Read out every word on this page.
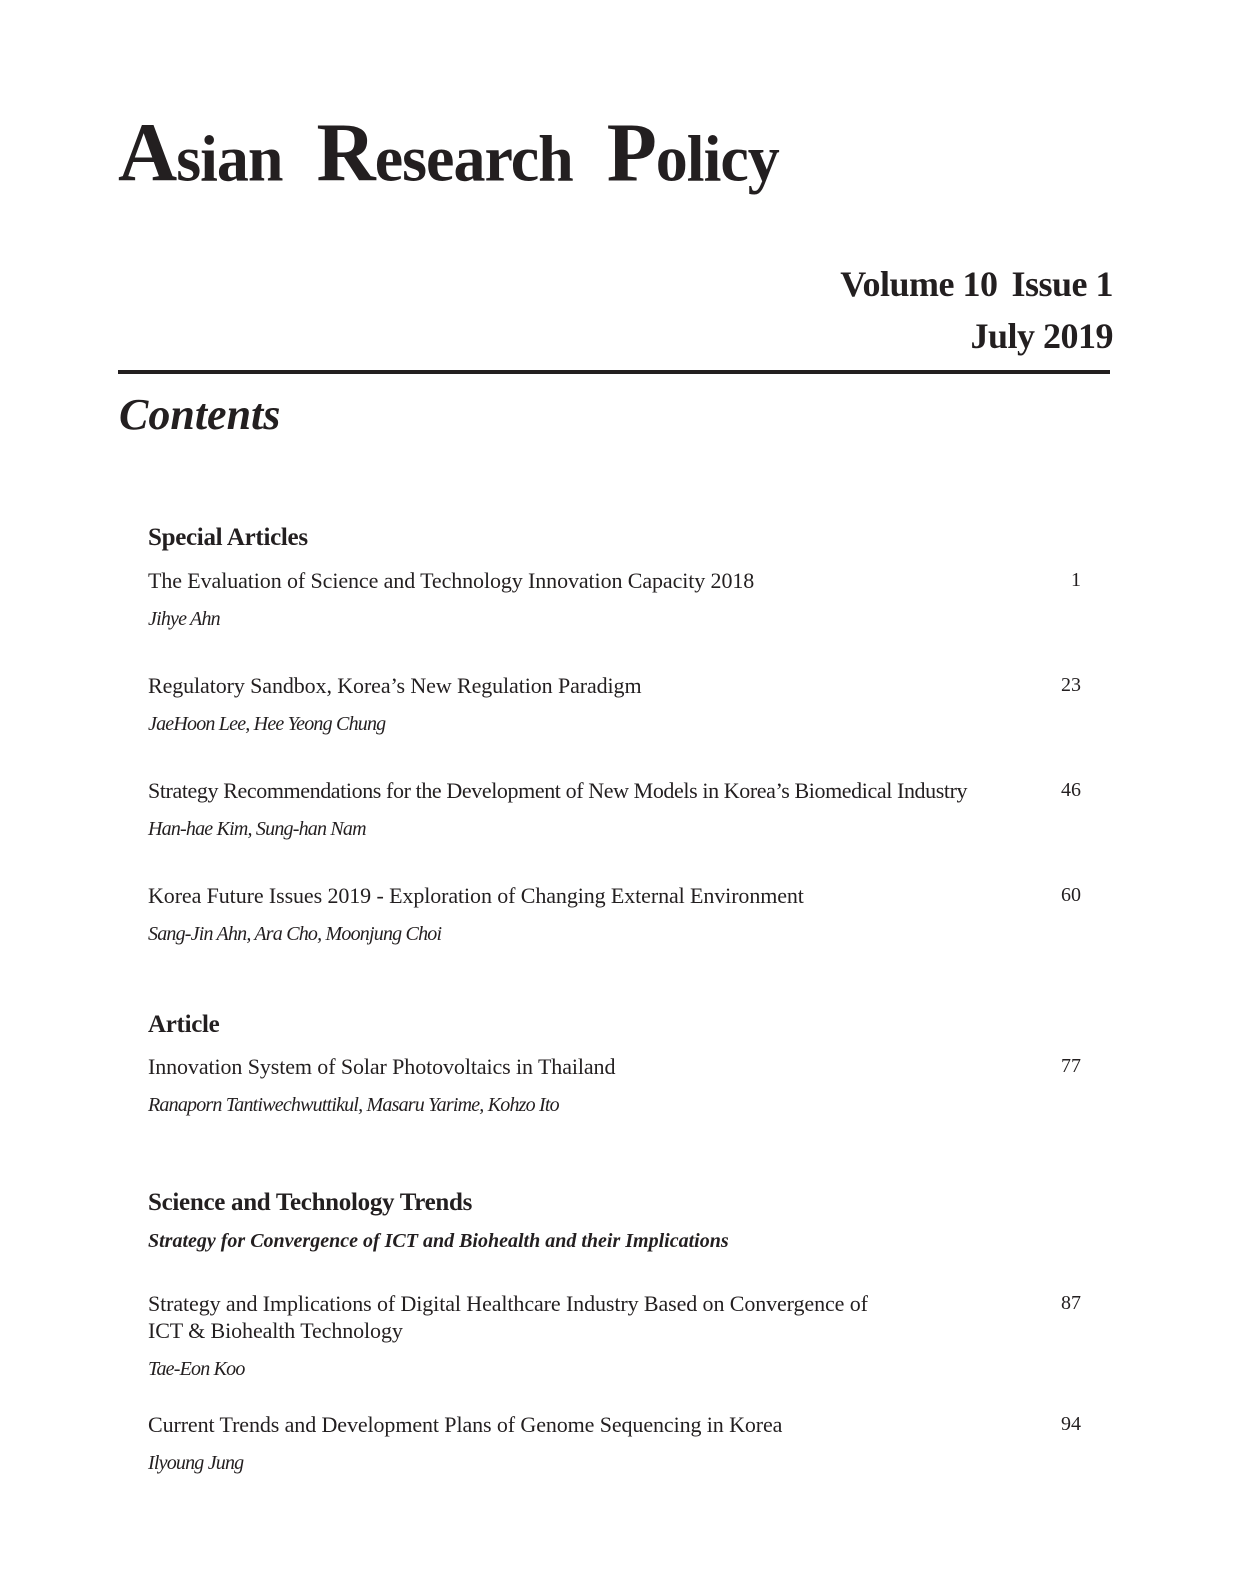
Asian Research Policy
Volume 10 Issue 1
July 2019
Contents
Special Articles
The Evaluation of Science and Technology Innovation Capacity 2018	1
Jihye Ahn
Regulatory Sandbox, Korea’s New Regulation Paradigm	23
JaeHoon Lee, Hee Yeong Chung
Strategy Recommendations for the Development of New Models in Korea’s Biomedical Industry	46
Han-hae Kim, Sung-han Nam
Korea Future Issues 2019 - Exploration of Changing External Environment	60
Sang-Jin Ahn, Ara Cho, Moonjung Choi
Article
Innovation System of Solar Photovoltaics in Thailand	77
Ranaporn Tantiwechwuttikul, Masaru Yarime, Kohzo Ito
Science and Technology Trends
Strategy for Convergence of ICT and Biohealth and their Implications
Strategy and Implications of Digital Healthcare Industry Based on Convergence of
ICT & Biohealth Technology
87
Tae-Eon Koo
Current Trends and Development Plans of Genome Sequencing in Korea	94
Ilyoung Jung
